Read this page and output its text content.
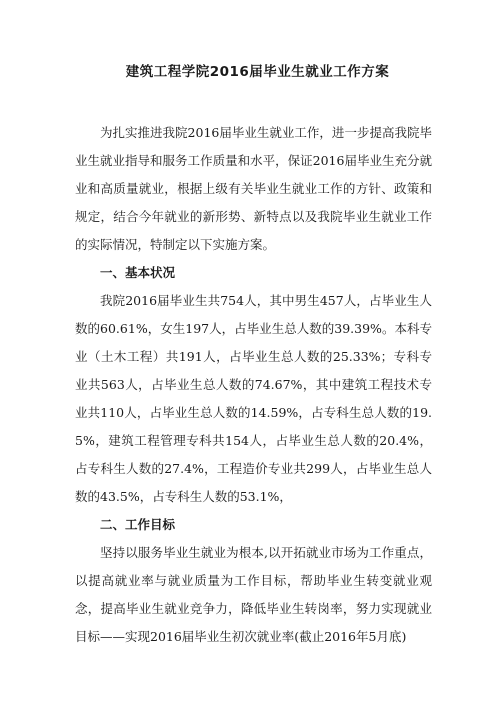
建筑工程学院2016届毕业生就业工作方案

为扎实推进我院2016届毕业生就业工作，进一步提高我院毕业生就业指导和服务工作质量和水平，保证2016届毕业生充分就业和高质量就业，根据上级有关毕业生就业工作的方针、政策和规定，结合今年就业的新形势、新特点以及我院毕业生就业工作的实际情况，特制定以下实施方案。

一、基本状况

我院2016届毕业生共754人，其中男生457人，占毕业生人数的60.61%，女生197人，占毕业生总人数的39.39%。本科专业（土木工程）共191人，占毕业生总人数的25.33%；专科专业共563人，占毕业生总人数的74.67%，其中建筑工程技术专业共110人，占毕业生总人数的14.59%，占专科生总人数的19.5%，建筑工程管理专科共154人，占毕业生总人数的20.4%，占专科生人数的27.4%，工程造价专业共299人，占毕业生总人数的43.5%，占专科生人数的53.1%，

二、工作目标

坚持以服务毕业生就业为根本,以开拓就业市场为工作重点，以提高就业率与就业质量为工作目标，帮助毕业生转变就业观念，提高毕业生就业竞争力，降低毕业生转岗率，努力实现就业目标——实现2016届毕业生初次就业率(截止2016年5月底)
